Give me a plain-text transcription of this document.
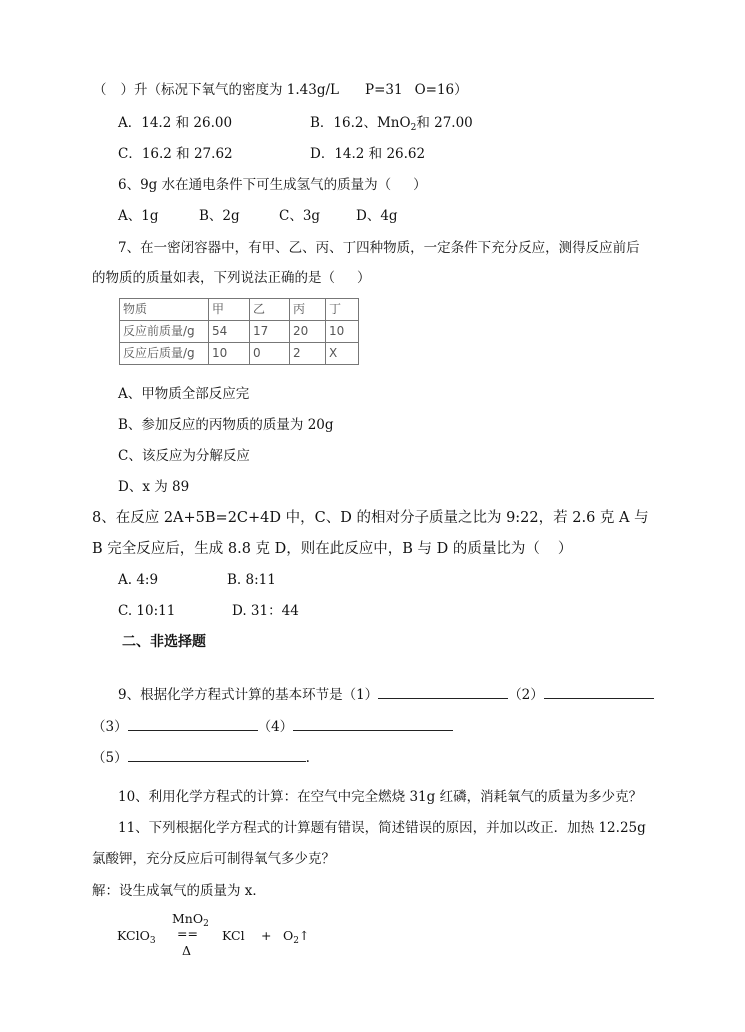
（ ）升（标况下氧气的密度为 1.43g/L P=31 O=16）
A．14.2 和 26.00	B．16.2、MnO$_2$和 27.00
C．16.2 和 27.62	D．14.2 和 26.62
6、9g 水在通电条件下可生成氢气的质量为（ ）
A、1g	B、2g	C、3g	D、4g
7、在一密闭容器中，有甲、乙、丙、丁四种物质，一定条件下充分反应，测得反应前后
的物质的质量如表，下列说法正确的是（ ）
物质	甲	乙	丙	丁
反应前质量/g	54	17	20	10
反应后质量/g	10	0	2	X
A、甲物质全部反应完
B、参加反应的丙物质的质量为 20g
C、该反应为分解反应
D、x 为 89
8、在反应 2A+5B=2C+4D 中，C、D 的相对分子质量之比为 9:22，若 2.6 克 A 与
B 完全反应后，生成 8.8 克 D，则在此反应中，B 与 D 的质量比为（ ）
A. 4:9	B. 8:11
C. 10:11	D. 31：44
二、非选择题
9、根据化学方程式计算的基本环节是（1）	（2）
（3）	（4）
（5）	.
10、利用化学方程式的计算：在空气中完全燃烧 31g 红磷，消耗氧气的质量为多少克？
11、下列根据化学方程式的计算题有错误，简述错误的原因，并加以改正．加热 12.25g
氯酸钾，充分反应后可制得氧气多少克？
解：设生成氧气的质量为 x．
MnO$_2$
KClO$_3$ ==
Δ
KCl + $O_2↑$
